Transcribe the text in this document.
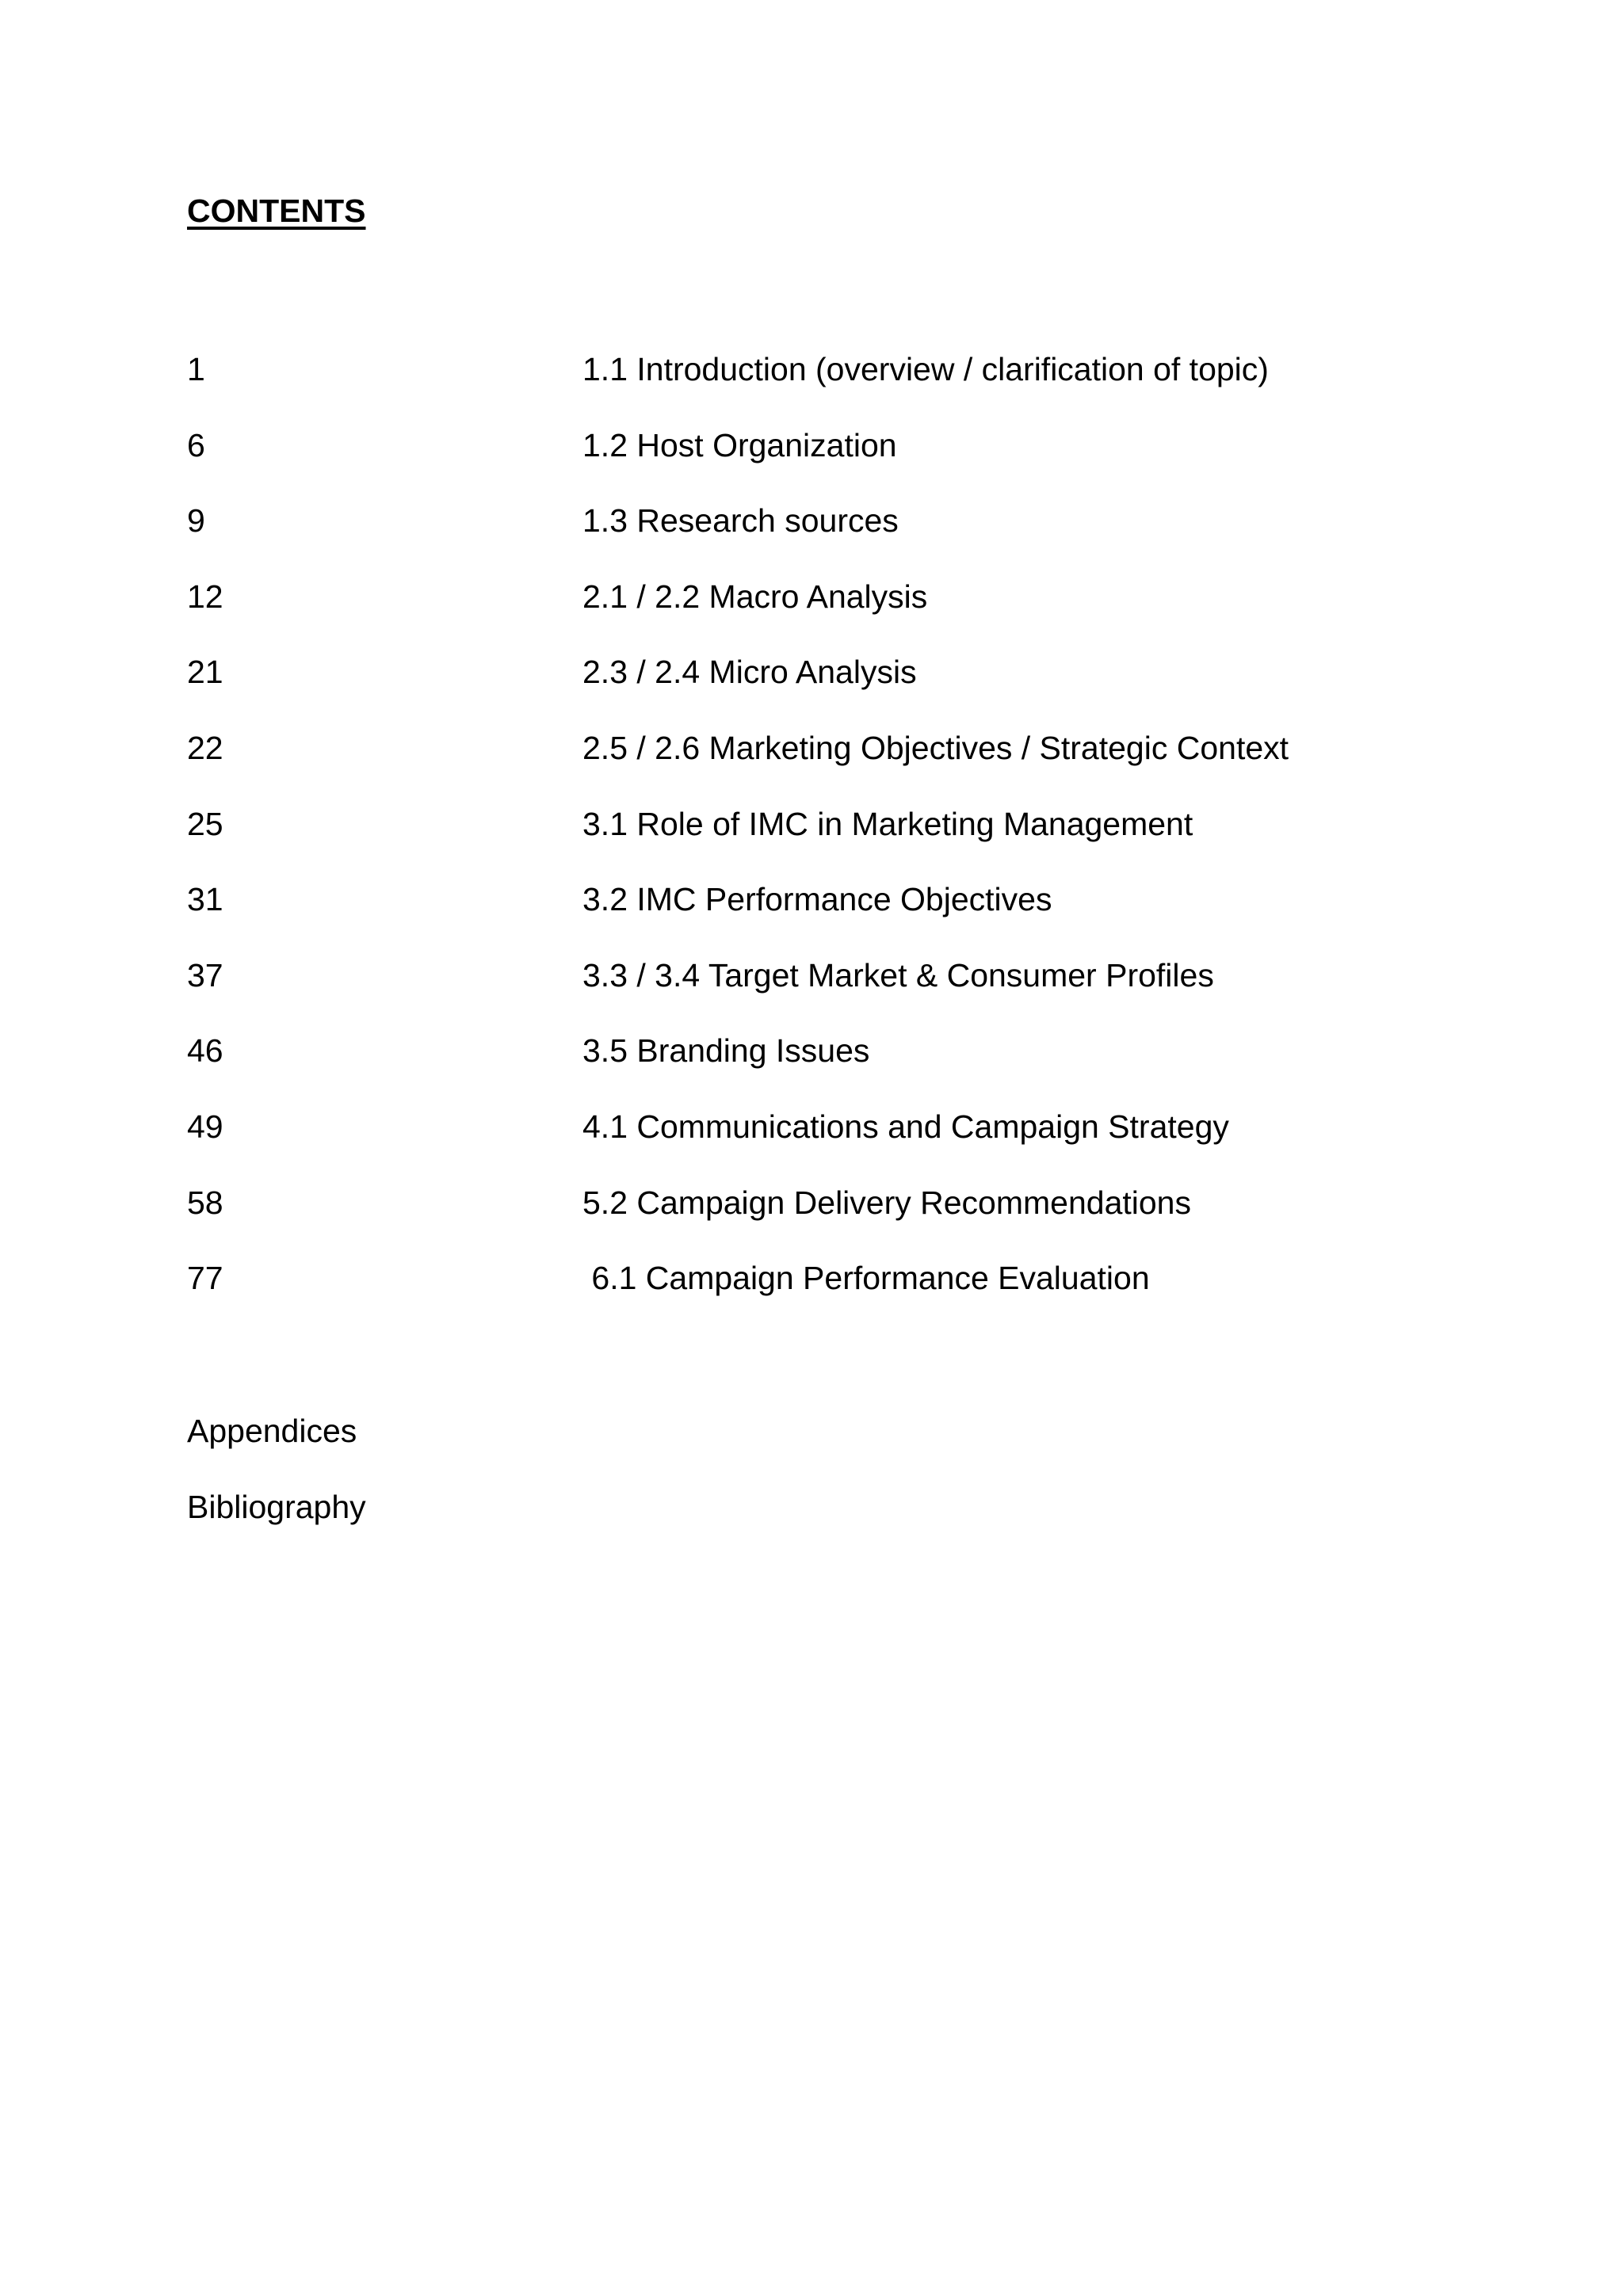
CONTENTS
1	1.1 Introduction (overview / clarification of topic)
6	1.2 Host Organization
9	1.3 Research sources
12	2.1 / 2.2 Macro Analysis
21	2.3 / 2.4 Micro Analysis
22	2.5 / 2.6 Marketing Objectives / Strategic Context
25	3.1 Role of IMC in Marketing Management
31	3.2 IMC Performance Objectives
37	3.3 / 3.4 Target Market & Consumer Profiles
46	3.5 Branding Issues
49	4.1 Communications and Campaign Strategy
58	5.2 Campaign Delivery Recommendations
77	6.1 Campaign Performance Evaluation
Appendices
Bibliography
